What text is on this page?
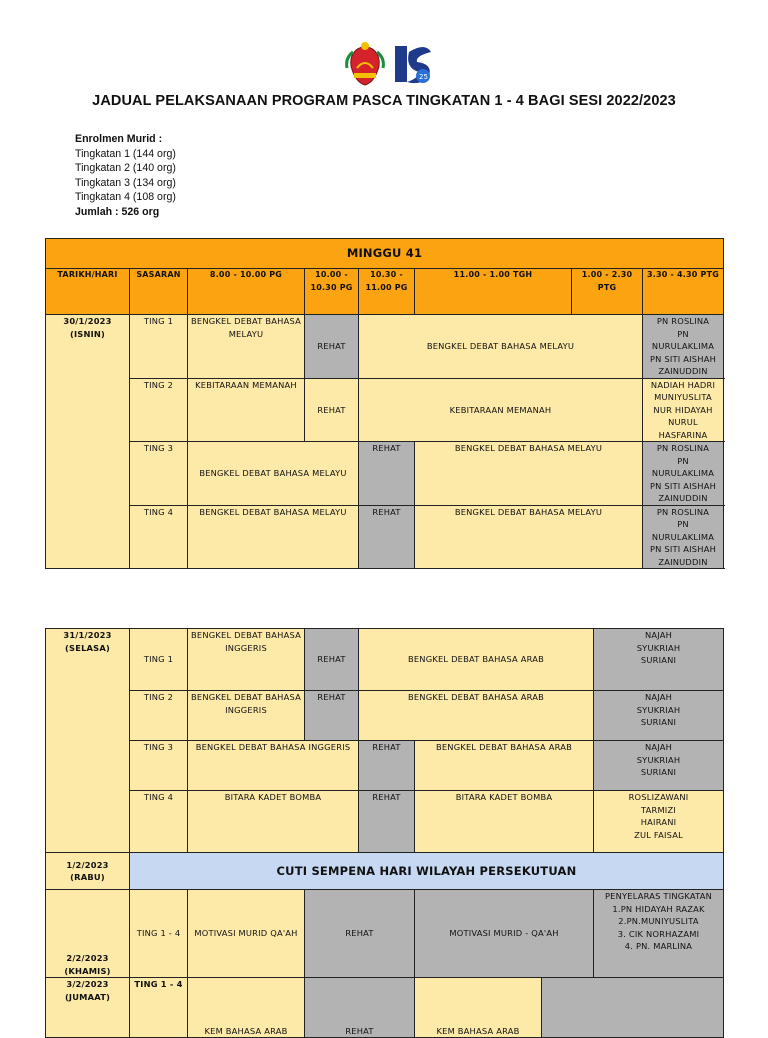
25
JADUAL PELAKSANAAN PROGRAM PASCA TINGKATAN 1 - 4 BAGI SESI 2022/2023
Enrolmen Murid :
Tingkatan 1 (144 org)
Tingkatan 2 (140 org)
Tingkatan 3 (134 org)
Tingkatan 4 (108 org)
Jumlah : 526 org
MINGGU 41							
TARIKH/HARI	SASARAN	8.00 - 10.00 PG	10.00 - 10.30 PG	10.30 - 11.00 PG	11.00 - 1.00 TGH	1.00 - 2.30 PTG	3.30 - 4.30 PTG

30/1/2023
(ISNIN)	TING 1	BENGKEL DEBAT BAHASA MELAYU	REHAT	BENGKEL DEBAT BAHASA MELAYU			PN ROSLINA
PN NURULAKLIMA
PN SITI AISHAH ZAINUDDIN

	TING 2	KEBITARAAN MEMANAH	REHAT	KEBITARAAN MEMANAH			NADIAH HADRI
MUNIYUSLITA
NUR HIDAYAH
NURUL HASFARINA

	TING 3	BENGKEL DEBAT BAHASA MELAYU		REHAT	BENGKEL DEBAT BAHASA MELAYU		PN ROSLINA
PN NURULAKLIMA
PN SITI AISHAH ZAINUDDIN

	TING 4	BENGKEL DEBAT BAHASA MELAYU		REHAT	BENGKEL DEBAT BAHASA MELAYU		PN ROSLINA
PN NURULAKLIMA
PN SITI AISHAH ZAINUDDIN
31/1/2023
(SELASA)	TING 1	BENGKEL DEBAT BAHASA INGGERIS	REHAT	BENGKEL DEBAT BAHASA ARAB			NAJAH
SYUKRIAH
SURIANI

	TING 2	BENGKEL DEBAT BAHASA INGGERIS	REHAT	BENGKEL DEBAT BAHASA ARAB			NAJAH
SYUKRIAH
SURIANI

	TING 3	BENGKEL DEBAT BAHASA INGGERIS		REHAT	BENGKEL DEBAT BAHASA ARAB		NAJAH
SYUKRIAH
SURIANI

	TING 4	BITARA KADET BOMBA		REHAT	BITARA KADET BOMBA		ROSLIZAWANI
TARMIZI
HAIRANI
ZUL FAISAL

1/2/2023
(RABU)	CUTI SEMPENA HARI WILAYAH PERSEKUTUAN						

2/2/2023
(KHAMIS)	TING 1 - 4	MOTIVASI MURID QA'AH	REHAT		MOTIVASI MURID - QA'AH		PENYELARAS TINGKATAN
1.PN HIDAYAH RAZAK
2.PN.MUNIYUSLITA
3. CIK NORHAZAMI
4. PN. MARLINA

3/2/2023
(JUMAAT)	TING 1 - 4	KEM BAHASA ARAB	REHAT		KEM BAHASA ARAB		
